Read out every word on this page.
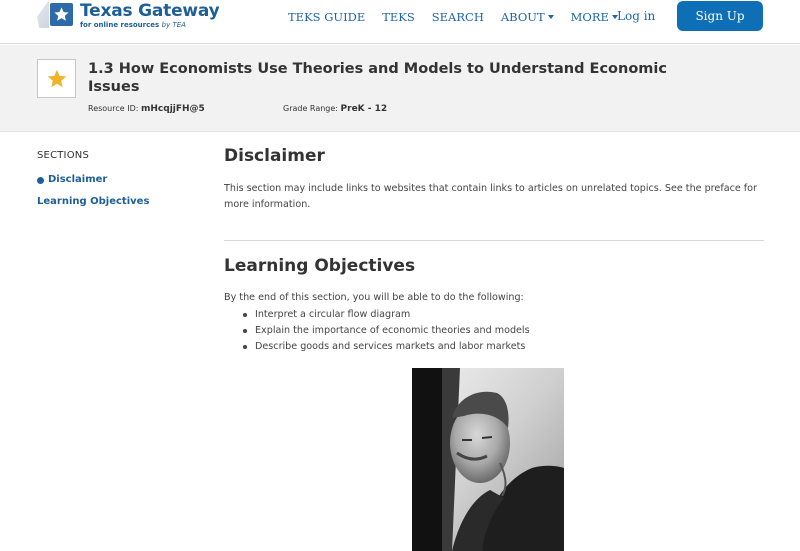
Texas Gateway
for online resources by TEA
TEKS GUIDE TEKS SEARCH ABOUT	MORE Log in	Sign Up
1.3 How Economists Use Theories and Models to Understand Economic Issues
Resource ID: mHcqjjFH@5	Grade Range: PreK - 12
SECTIONS
Disclaimer
Learning Objectives
Disclaimer

This section may include links to websites that contain links to articles on unrelated topics. See the preface for more information.

Learning Objectives

By the end of this section, you will be able to do the following:

Interpret a circular flow diagram
Explain the importance of economic theories and models
Describe goods and services markets and labor markets
